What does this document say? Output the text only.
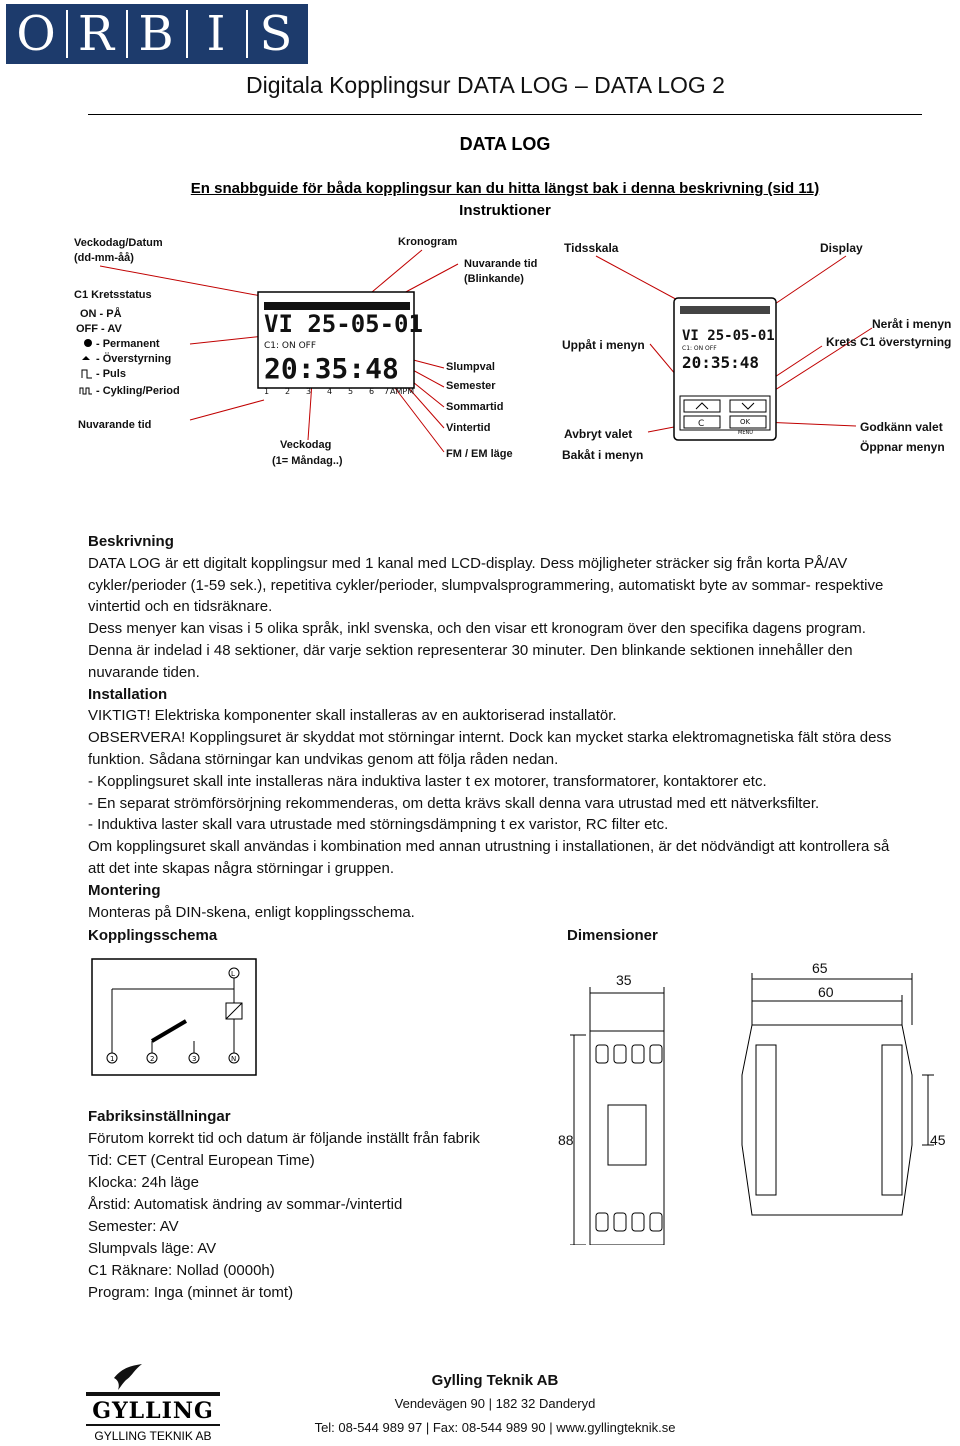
O R B I S
Digitala Kopplingsur DATA LOG – DATA LOG 2
DATA LOG
En snabbguide för båda kopplingsur kan du hitta längst bak i denna beskrivning (sid 11)
Instruktioner
VI 25-05-01
C1: ON OFF
20:35:48
1 2 3 4 5 6 7 AMPM
Veckodag/Datum
(dd-mm-åå)
Kronogram
Nuvarande tid
(Blinkande)
C1 Kretsstatus
ON - PÅ
OFF - AV
- Permanent
- Överstyrning
- Puls
- Cykling/Period
Nuvarande tid
Veckodag
(1= Måndag..)
Slumpval
Semester
Sommartid
Vintertid
FM / EM läge
VI 25-05-01
C1: ON OFF
20:35:48
C	OK
MENU
Tidsskala	Display
Uppåt i menyn
Neråt i menyn
Krets C1 överstyrning
Avbryt valet
Bakåt i menyn
Godkänn valet
Öppnar menyn

Beskrivning

DATA LOG är ett digitalt kopplingsur med 1 kanal med LCD-display. Dess möjligheter sträcker sig från korta PÅ/AV cykler/perioder (1-59 sek.), repetitiva cykler/perioder, slumpvalsprogrammering, automatiskt byte av sommar- respektive vintertid och en tidsräknare.

Dess menyer kan visas i 5 olika språk, inkl svenska, och den visar ett kronogram över den specifika dagens program. Denna är indelad i 48 sektioner, där varje sektion representerar 30 minuter. Den blinkande sektionen innehåller den nuvarande tiden.

Installation

VIKTIGT! Elektriska komponenter skall installeras av en auktoriserad installatör.

OBSERVERA! Kopplingsuret är skyddat mot störningar internt. Dock kan mycket starka elektromagnetiska fält störa dess funktion. Sådana störningar kan undvikas genom att följa råden nedan.

- Kopplingsuret skall inte installeras nära induktiva laster t ex motorer, transformatorer, kontaktorer etc.

- En separat strömförsörjning rekommenderas, om detta krävs skall denna vara utrustad med ett nätverksfilter.

- Induktiva laster skall vara utrustade med störningsdämpning t ex varistor, RC filter etc.

Om kopplingsuret skall användas i kombination med annan utrustning i installationen, är det nödvändigt att kontrollera så att det inte skapas några störningar i gruppen.

Montering

Monteras på DIN-skena, enligt kopplingsschema.

Kopplingsschema	Dimensioner
L
1	2	3	N
35
65
60
88	45

Fabriksinställningar

Förutom korrekt tid och datum är följande inställt från fabrik

Tid: CET (Central European Time)

Klocka: 24h läge

Årstid: Automatisk ändring av sommar-/vintertid

Semester: AV

Slumpvals läge: AV

C1 Räknare: Nollad (0000h)

Program: Inga (minnet är tomt)

GYLLING
GYLLING TEKNIK AB
Gylling Teknik AB
Vendevägen 90 | 182 32 Danderyd
Tel: 08-544 989 97 | Fax: 08-544 989 90 | www.gyllingteknik.se
